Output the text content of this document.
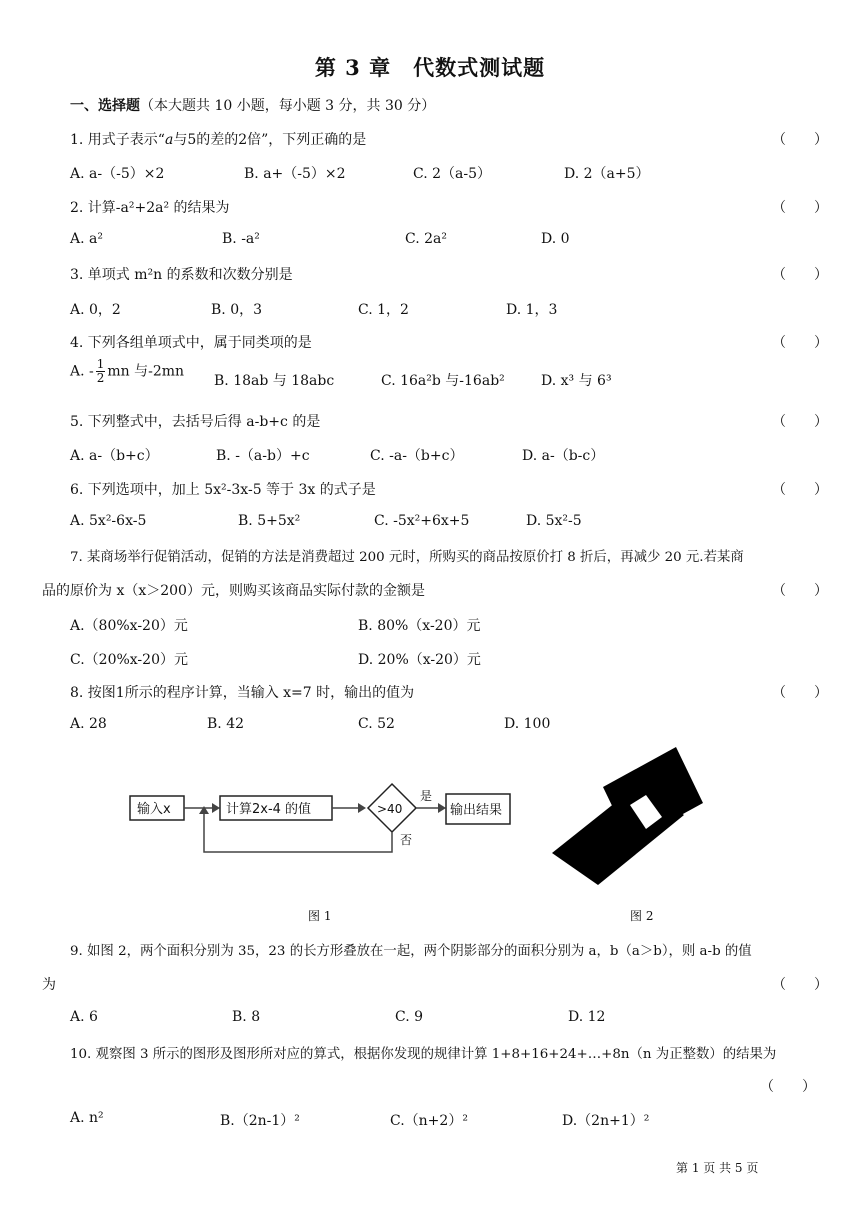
第 3 章　代数式测试题
一、选择题（本大题共 10 小题，每小题 3 分，共 30 分）
1. 用式子表示“a与5的差的2倍”，下列正确的是	（　　）
A. a-（-5）×2	B. a+（-5）×2	C. 2（a-5）	D. 2（a+5）
2. 计算-a²+2a² 的结果为	（　　）
A. a²	B. -a²	C. 2a²	D. 0
3. 单项式 m²n 的系数和次数分别是	（　　）
A. 0，2	B. 0，3	C. 1，2	D. 1，3
4. 下列各组单项式中，属于同类项的是	（　　）
A. - $\frac{1}{2}$ mn 与-2mn
B. 18ab 与 18abc	C. 16a²b 与-16ab²	D. x³ 与 6³
5. 下列整式中，去括号后得 a-b+c 的是	（　　）
A. a-（b+c）	B. -（a-b）+c	C. -a-（b+c）	D. a-（b-c）
6. 下列选项中，加上 5x²-3x-5 等于 3x 的式子是	（　　）
A. 5x²-6x-5	B. 5+5x²	C. -5x²+6x+5	D. 5x²-5
7. 某商场举行促销活动，促销的方法是消费超过 200 元时，所购买的商品按原价打 8 折后，再减少 20 元.若某商
品的原价为 x（x＞200）元，则购买该商品实际付款的金额是	（　　）
A.（80%x-20）元	B. 80%（x-20）元
C.（20%x-20）元	D. 20%（x-20）元
8. 按图1所示的程序计算，当输入 x=7 时，输出的值为	（　　）
A. 28	B. 42	C. 52	D. 100
输入x	计算2x-4 的值	>40
是
输出结果
否
图 1	图 2
9. 如图 2，两个面积分别为 35，23 的长方形叠放在一起，两个阴影部分的面积分别为 a，b（a＞b），则 a-b 的值
为	（　　）
A. 6	B. 8	C. 9	D. 12
10. 观察图 3 所示的图形及图形所对应的算式，根据你发现的规律计算 1+8+16+24+…+8n（n 为正整数）的结果为
（　　）
A. n²	B.（2n-1）²	C.（n+2）²	D.（2n+1）²
第 1 页 共 5 页
